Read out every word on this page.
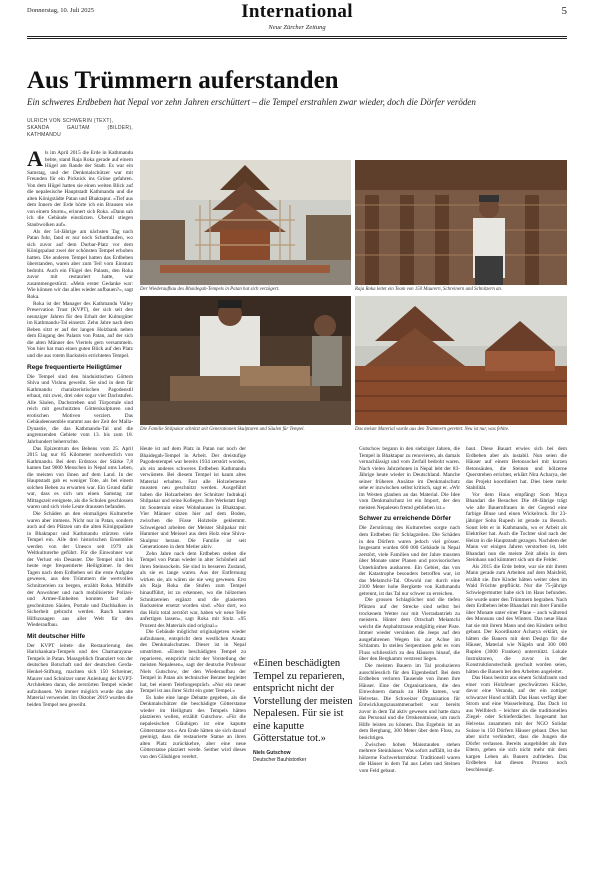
Donnerstag, 10. Juli 2025	International
Neue Zürcher Zeitung
5
Aus Trümmern auferstanden
Ein schweres Erdbeben hat Nepal vor zehn Jahren erschüttert – die Tempel erstrahlen zwar wieder, doch die Dörfer veröden
ULRICH VON SCHWERIN (TEXT),
SKANDA GAUTAM (BILDER), KATHMANDU

Als im April 2015 die Erde in Kathmandu bebte, stand Raja Roka gerade auf einem Hügel am Rande der Stadt. Es war ein Samstag, und der Denkmalschützer war mit Freunden für ein Picknick ins Grüne gefahren. Von dem Hügel hatten sie einen weiten Blick auf die nepalesische Hauptstadt Kathmandu und die alten Königstädte Patan und Bhaktapur. «Tief aus dem Innern der Erde hörte ich ein Brausen wie von einem Sturm», erinnert sich Roka. «Dann sah ich die Gebäude einstürzen. Überall stiegen Staubwolken auf».

Als der 54-Jährige am nächsten Tag nach Patan fuhr, fand er nur noch Schutthaufen, wo sich zuvor auf dem Durbar-Platz vor dem Königspalast zwei der schönsten Tempel erhoben hatten. Die anderen Tempel hatten das Erdbeben überstanden, waren aber zum Teil vom Einsturz bedroht. Auch ein Flügel des Palasts, den Roka zuvor mit restauriert hatte, war zusammengestürzt. «Mein erster Gedanke war: Wie können wir das alles wieder aufbauen?», sagt Roka.

Roka ist der Manager des Kathmandu Valley Preservation Trust (KVPT), der sich seit den neunziger Jahren für den Erhalt der Kulturgüter im Kathmandu-Tal einsetzt. Zehn Jahre nach dem Beben sitzt er auf der langen Holzbank neben dem Eingang des Palasts von Patan, auf der sich die alten Männer des Viertels gern versammeln. Von hier hat man einen guten Blick auf den Platz und die aus rotem Backstein errichteten Tempel.

Rege frequentierte Heiligtümer

Die Tempel sind den hinduistischen Göttern Shiva und Vishnu geweiht. Sie sind in dem für Kathmandu charakteristischen Pagodenstil erbaut, mit zwei, drei oder sogar vier Dachstufen. Alle Säulen, Dachstreben und Türportale sind reich mit geschnitzten Götterskulpturen und erotischen Motiven verziert. Das Gebäudeensemble stammt aus der Zeit der Malla-Dynastie, die das Kathmandu-Tal und die angrenzenden Gebiete vom 13. bis zum 18. Jahrhundert beherrschte.

Das Epizentrum des Bebens vom 25. April 2015 lag nur 85 Kilometer nordwestlich von Kathmandu. Bei dem Erdstoss der Stärke 7,8 kamen fast 9000 Menschen in Nepal ums Leben, die meisten von ihnen auf dem Land. In der Hauptstadt gab es weniger Tote, als bei einem solchen Beben zu erwarten war. Ein Grund dafür war, dass es sich um einen Samstag zur Mittagszeit ereignete, als die Schulen geschlossen waren und sich viele Leute draussen befanden.

Die Schäden an den einmaligen Kulturerbe waren aber immens. Nicht nur in Patan, sondern auch auf den Plätzen um die alten Königspaläste in Bhaktapur und Kathmandu stürzten viele Tempel ein. Alle drei historischen Ensembles werden von der Unesco seit 1979 als Weltkulturerbe geführt. Für die Einwohner war der Verlust ein Desaster. Die Tempel sind bis heute rege frequentierte Heiligtümer. In den Tagen nach dem Erdbeben sei die erste Aufgabe gewesen, aus den Trümmern die wertvollen Schnitzereien zu bergen, erzählt Roka. Mithilfe der Anwohner und nach mobilisierter Polizei- und Armee-Einheiten konnten fast alle geschnitzten Säulen, Portale und Dachbalken in Sicherheit gebracht werden. Rasch kamen Hilfszusagen aus aller Welt für den Wiederaufbau.

Mit deutscher Hilfe

Der KVPT leitete die Restaurierung des Harishankara-Tempels und des Charnarayana-Tempels in Patan. Massgeblich finanziert von der deutschen Botschaft und der deutschen Gerda-Henkel-Stiftung, machten sich 150 Schreiner, Maurer und Schnitzer unter Anleitung der KVPT-Architekten daran, die zerstörten Tempel wieder aufzubauen. Wo immer möglich wurde das alte Material verwendet. Im Oktober 2019 wurden die beiden Tempel neu geweiht.

Der Wiederaufbau des Bhaidegah-Tempels in Patan hat sich verzögert.	Raja Roka leitet ein Team von 150 Maurern, Schreinern und Schnitzern an.
Die Familie Shilpakar schnitzt seit Generationen Skulpturen und Säulen für Tempel.	Das meiste Material wurde aus den Trümmern gerettet. Neu ist nur, was fehlte.

Heute ist auf dem Platz in Patan nur noch der Bhaidegah-Tempel in Arbeit. Der dreistufige Pagodentempel war bereits 1934 zerstört worden, als ein anderes schweres Erdbeben Kathmandu verwüstete. Bei diesem Tempel ist kaum altes Material erhalten. Fast alle Holzelemente mussten neu geschnitzt werden. Ausgeführt haben die Holzarbeiten der Schnitzer Indrakaji Shilpakar und seine Kollegen. Ihre Werkstatt liegt im Souterrain eines Wohnhauses in Bhaktapur. Vier Männer sitzen hier auf dem Boden, zwischen die Füsse Holzteile geklemmt. Schweigend arbeiten der Meister Shilpakar mit Hammer und Meissel aus dem Holz eine Shiva-Skulptur heraus. Die Familie ist seit Generationen in dem Metier aktiv.

Zehn Jahre nach dem Erdbeben stehen die Tempel von Patan wieder in alter Schönheit auf ihren Steinsockeln. Sie sind in besseren Zustand, als sie es lange waren. Aus der Entfernung wirken sie, als wären sie nie weg gewesen. Erst als Raja Roka die Stufen zum Tempel hinaufführt, ist zu erkennen, wo die hölzernen Schnitzereien ergänzt und die glasierten Backsteine ersetzt worden sind. «Nur dort, wo das Holz total zerstört war, haben wir neue Teile anfertigen lassen», sagt Roka mit Stolz. «95 Prozent des Materials sind original.»

Die Gebäude möglichst originalgetreu wieder aufzubauen, entspricht dem westlichen Ansatz des Denkmalschutzes. Dieser ist in Nepal umstritten. «Einem beschädigten Tempel zu reparieren, entspricht nicht der Vorstellung der meisten Nepalesen», sagt der deutsche Professor Niels Gutschow, der den Wiederaufbau der Tempel in Patan als technischer Berater begleitet hat, bei einem Telefongespräch. «Nur ein neuer Tempel ist aus ihrer Sicht ein guter Tempel.»

Es habe eine lange Debatte gegeben, als die Denkmalschützer die beschädigte Götterstatue wieder im Heiligtum des Tempels hätten platzieren wollen, erzählt Gutschow. «Für die nepalesischen Gläubigen ist eine kaputte Götterstatue tot.» Am Ende hätten sie sich darauf geeinigt, dass die restaurierte Statue an ihren alten Platz zurückkehre, aber eine neue Götterstatue platziert werde. Seither wird dieses von den Gläubigen verehrt.

«Einen beschädigten Tempel zu reparieren, entspricht nicht der Vorstellung der meisten Nepalesen. Für sie ist eine kaputte Götterstatue tot.»
Niels Gutschow
Deutscher Bauhistoriker

Gutschow begann in den siebziger Jahren, die Tempel in Bhaktapur zu renovieren, als damals vernachlässigt und vom Zerfall bedroht waren. Nach vielen Jahrzehnten in Nepal lebt der 83-Jährige heute wieder in Deutschland. Manche seiner früheren Ansätze im Denkmalschutz sehe er inzwischen selbst kritisch, sagt er. «Wir im Westen glauben an das Material. Die Idee vom Denkmalschutz ist ein Import, der den meisten Nepalesen fremd geblieben ist.»

Schwer zu erreichende Dörfer

Die Zerstörung des Kulturerbes sorgte nach dem Erdbeben für Schlagzeilen. Die Schäden in den Dörfern waren jedoch viel grösser. Insgesamt wurden 600 000 Gebäude in Nepal zerstört, viele Familien und der Jahre mussten über Monate unter Planen und provisorischen Unterkünften ausharren. Ein Gebiet, das von der Katastrophe besonders betroffen war, ist das Melamchi-Tal. Obwohl nur durch eine 2100 Meter hohe Bergkette von Kathmandu getrennt, ist das Tal nur schwer zu erreichen.

Die grossen Schlaglöcher und die tiefen Pfützen auf der Strecke sind selbst bei trockenem Wetter nur mit Vierradantrieb zu meistern. Hinter dem Ortschaft Melamchi weicht die Asphaltstrasse endgültig einer Piste. Immer wieder versinken die Jeeps auf den ausgefahrenen Wegen bis zur Achse im Schlamm. In steilen Serpentinen geht es vom Fluss schliesslich zu den Häusern hinauf, die über den Bergkamm verstreut liegen.

Die meisten Bauern im Tal produzieren ausschliesslich für den Eigenbedarf. Bei dem Erdbeben verloren Tausende von ihnen ihre Häuser. Eine der Organisationen, die den Einwohnern damals zu Hilfe kamen, war Helvetas. Die Schweizer Organisation für Entwicklungszusammenarbeit war bereits zuvor in dem Tal aktiv gewesen und hatte dazu das Personal und die Ortskenntnisse, um rasch Hilfe leisten zu können. Das Ergebnis ist an dem Berghang, 300 Meter über dem Fluss, zu besichtigen.

Zwischen hohen Maisstauden stehen mehrere Steinhäuser. Was sofort auffällt, ist die hölzerne Fachwerkstruktur. Traditionell waren die Häuser in dem Tal aus Lehm und Steinen vom Feld gebaut.

baut. Diese Bauart erwies sich bei dem Erdbeben aber als instabil. Nun seien die Häuser auf einem Betonsockel mit kurzen Betonsäulen, die Steinen und hölzerne Querstreben errichtet, erklärt Nira Acharya, der das Projekt koordiniert hat. Dies biete mehr Stabilität.

Vor dem Haus empfängt Som Maya Bhandari die Besucher. Die 48-Jährige trägt wie alle Bauernfrauen in der Gegend eine farbige Bluse und einen Wickelrock. Ihr 23-jähriger Sohn Rupesh ist gerade zu Besuch. Sonst lebt er in Kathmandu, wo er Arbeit als Elektriker hat. Auch die Tochter sind nach der Heirat in die Hauptstadt gezogen. Nachdem der Mann vor einigen Jahren verstorben ist, lebt Bhandari nun die meiste Zeit allein in dem Steinhaus und kümmert sich um die Felder.

Als 2015 die Erde bebte, war sie mit ihrem Mann gerade zum Arbeiten auf dem Maisfeld, erzählt sie. Ihre Kinder hätten weiter oben im Wald Früchte gepflückt. Nur die 75-jährige Schwiegermutter habe sich im Haus befunden. Sie wurde unter den Trümmern begraben. Nach dem Erdbeben lebte Bhandari mit ihrer Familie über Monate unter einer Plane – auch während des Monsuns und des Winters. Das neue Haus hat sie mit ihrem Mann und den Kindern selbst gebaut. Der Koordinator Acharya erklärt, sie hätten die Bauern mit dem Design für die Häuser, Material wie Nägeln und 300 000 Rupien (3000 Franken) unterstützt. Lokale Instruktoren, die zuvor in der Konstruktionstechnik geschult worden seien, hätten die Bauern bei den Arbeiten angeleitet.

Das Haus besitzt aus einem Schlafraum und einer vom Holzfeuer geschwärzten Küche, davor eine Veranda, auf der ein zottiger schwarzer Hund schläft. Das Haus verfügt über Strom und eine Wasserleitung. Das Dach ist aus Wellblech – leichter als die traditionellen Ziegel- oder Schieferdächer. Insgesamt hat Helvetas zusammen mit der NGO Solidar Suisse in 150 Dörfern Häuser gebaut. Dies hat aber nicht verhindert, dass die Jungen die Dörfer verlassen. Bereits ausgebildet als ihre Eltern, geben sie sich nicht mehr mit dem kargen Leben als Bauern zufrieden. Das Erdbeben hat diesen Prozess noch beschleunigt.
